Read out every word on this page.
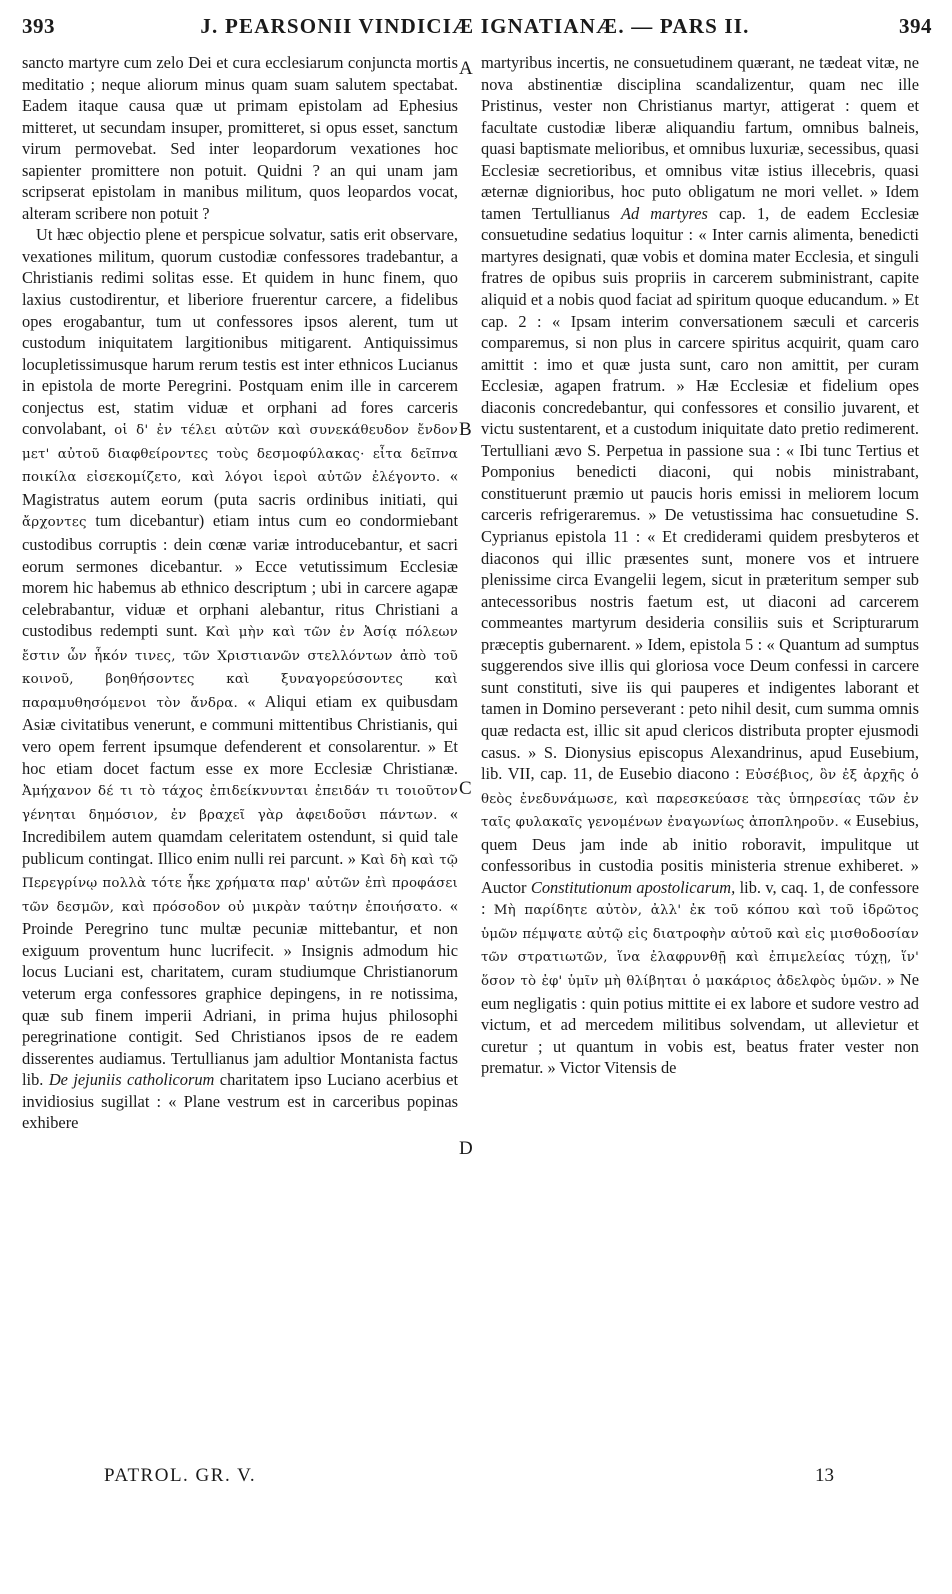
393	J. PEARSONII VINDICIÆ IGNATIANÆ. — PARS II.	394

sancto martyre cum zelo Dei et cura ecclesiarum conjuncta mortis meditatio ; neque aliorum minus quam suam salutem spectabat. Eadem itaque causa quæ ut primam epistolam ad Ephesius mitteret, ut secundam insuper, promitteret, si opus esset, sanctum virum permovebat. Sed inter leopardorum vexationes hoc sapienter promittere non potuit. Quidni ? an qui unam jam scripserat epistolam in manibus militum, quos leopardos vocat, alteram scribere non potuit ?

Ut hæc objectio plene et perspicue solvatur, satis erit observare, vexationes militum, quorum custodiæ confessores tradebantur, a Christianis redimi solitas esse. Et quidem in hunc finem, quo laxius custodirentur, et liberiore fruerentur carcere, a fidelibus opes erogabantur, tum ut confessores ipsos alerent, tum ut custodum iniquitatem largitionibus mitigarent. Antiquissimus locupletissimusque harum rerum testis est inter ethnicos Lucianus in epistola de morte Peregrini. Postquam enim ille in carcerem conjectus est, statim viduæ et orphani ad fores carceris convolabant, οἱ δ' ἐν τέλει αὐτῶν καὶ συνεκάθευδον ἔνδον μετ' αὐτοῦ διαφθείροντες τοὺς δεσμοφύλακας· εἶτα δεῖπνα ποικίλα εἰσεκομίζετο, καὶ λόγοι ἱεροὶ αὐτῶν ἐλέγοντο. « Magistratus autem eorum (puta sacris ordinibus initiati, qui ἄρχοντες tum dicebantur) etiam intus cum eo condormiebant custodibus corruptis : dein cœnæ variæ introducebantur, et sacri eorum sermones dicebantur. » Ecce vetutissimum Ecclesiæ morem hic habemus ab ethnico descriptum ; ubi in carcere agapæ celebrabantur, viduæ et orphani alebantur, ritus Christiani a custodibus redempti sunt. Καὶ μὴν καὶ τῶν ἐν Ἀσίᾳ πόλεων ἔστιν ὧν ἧκόν τινες, τῶν Χριστιανῶν στελλόντων ἀπὸ τοῦ κοινοῦ, βοηθήσοντες καὶ ξυναγορεύσοντες καὶ παραμυθησόμενοι τὸν ἄνδρα. « Aliqui etiam ex quibusdam Asiæ civitatibus venerunt, e communi mittentibus Christianis, qui vero opem ferrent ipsumque defenderent et consolarentur. » Et hoc etiam docet factum esse ex more Ecclesiæ Christianæ. Ἀμήχανον δέ τι τὸ τάχος ἐπιδείκνυνται ἐπειδάν τι τοιοῦτον γένηται δημόσιον, ἐν βραχεῖ γὰρ ἀφειδοῦσι πάντων. « Incredibilem autem quamdam celeritatem ostendunt, si quid tale publicum contingat. Illico enim nulli rei parcunt. » Καὶ δὴ καὶ τῷ Περεγρίνῳ πολλὰ τότε ἧκε χρήματα παρ' αὐτῶν ἐπὶ προφάσει τῶν δεσμῶν, καὶ πρόσοδον οὐ μικρὰν ταύτην ἐποιήσατο. « Proinde Peregrino tunc multæ pecuniæ mittebantur, et non exiguum proventum hunc lucrifecit. » Insignis admodum hic locus Luciani est, charitatem, curam studiumque Christianorum veterum erga confessores graphice depingens, in re notissima, quæ sub finem imperii Adriani, in prima hujus philosophi peregrinatione contigit. Sed Christianos ipsos de re eadem disserentes audiamus. Tertullianus jam adultior Montanista factus lib. De jejuniis catholicorum charitatem ipso Luciano acerbius et invidiosius sugillat : « Plane vestrum est in carceribus popinas exhibere

A
B
C
D

martyribus incertis, ne consuetudinem quærant, ne tædeat vitæ, ne nova abstinentiæ disciplina scandalizentur, quam nec ille Pristinus, vester non Christianus martyr, attigerat : quem et facultate custodiæ liberæ aliquandiu fartum, omnibus balneis, quasi baptismate melioribus, et omnibus luxuriæ, secessibus, quasi Ecclesiæ secretioribus, et omnibus vitæ istius illecebris, quasi æternæ dignioribus, hoc puto obligatum ne mori vellet. » Idem tamen Tertullianus Ad martyres cap. 1, de eadem Ecclesiæ consuetudine sedatius loquitur : « Inter carnis alimenta, benedicti martyres designati, quæ vobis et domina mater Ecclesia, et singuli fratres de opibus suis propriis in carcerem subministrant, capite aliquid et a nobis quod faciat ad spiritum quoque educandum. » Et cap. 2 : « Ipsam interim conversationem sæculi et carceris comparemus, si non plus in carcere spiritus acquirit, quam caro amittit : imo et quæ justa sunt, caro non amittit, per curam Ecclesiæ, agapen fratrum. » Hæ Ecclesiæ et fidelium opes diaconis concredebantur, qui confessores et consilio juvarent, et victu sustentarent, et a custodum iniquitate dato pretio redimerent. Tertulliani ævo S. Perpetua in passione sua : « Ibi tunc Tertius et Pomponius benedicti diaconi, qui nobis ministrabant, constituerunt præmio ut paucis horis emissi in meliorem locum carceris refrigeraremus. » De vetustissima hac consuetudine S. Cyprianus epistola 11 : « Et crediderami quidem presbyteros et diaconos qui illic præsentes sunt, monere vos et intruere plenissime circa Evangelii legem, sicut in præteritum semper sub antecessoribus nostris faetum est, ut diaconi ad carcerem commeantes martyrum desideria consiliis suis et Scripturarum præceptis gubernarent. » Idem, epistola 5 : « Quantum ad sumptus suggerendos sive illis qui gloriosa voce Deum confessi in carcere sunt constituti, sive iis qui pauperes et indigentes laborant et tamen in Domino perseverant : peto nihil desit, cum summa omnis quæ redacta est, illic sit apud clericos distributa propter ejusmodi casus. » S. Dionysius episcopus Alexandrinus, apud Eusebium, lib. VII, cap. 11, de Eusebio diacono : Εὐσέβιος, ὃν ἐξ ἀρχῆς ὁ θεὸς ἐνεδυνάμωσε, καὶ παρεσκεύασε τὰς ὑπηρεσίας τῶν ἐν ταῖς φυλακαῖς γενομένων ἐναγωνίως ἀποπληροῦν. « Eusebius, quem Deus jam inde ab initio roboravit, impulitque ut confessoribus in custodia positis ministeria strenue exhiberet. » Auctor Constitutionum apostolicarum, lib. v, caq. 1, de confessore : Μὴ παρίδητε αὐτὸν, ἀλλ' ἐκ τοῦ κόπου καὶ τοῦ ἱδρῶτος ὑμῶν πέμψατε αὐτῷ εἰς διατροφὴν αὐτοῦ καὶ εἰς μισθοδοσίαν τῶν στρατιωτῶν, ἵνα ἐλαφρυνθῇ καὶ ἐπιμελείας τύχῃ, ἵν' ὅσον τὸ ἐφ' ὑμῖν μὴ θλίβηται ὁ μακάριος ἀδελφὸς ὑμῶν. » Ne eum negligatis : quin potius mittite ei ex labore et sudore vestro ad victum, et ad mercedem militibus solvendam, ut allevietur et curetur ; ut quantum in vobis est, beatus frater vester non prematur. » Victor Vitensis de

PATROL. GR. V.	13
